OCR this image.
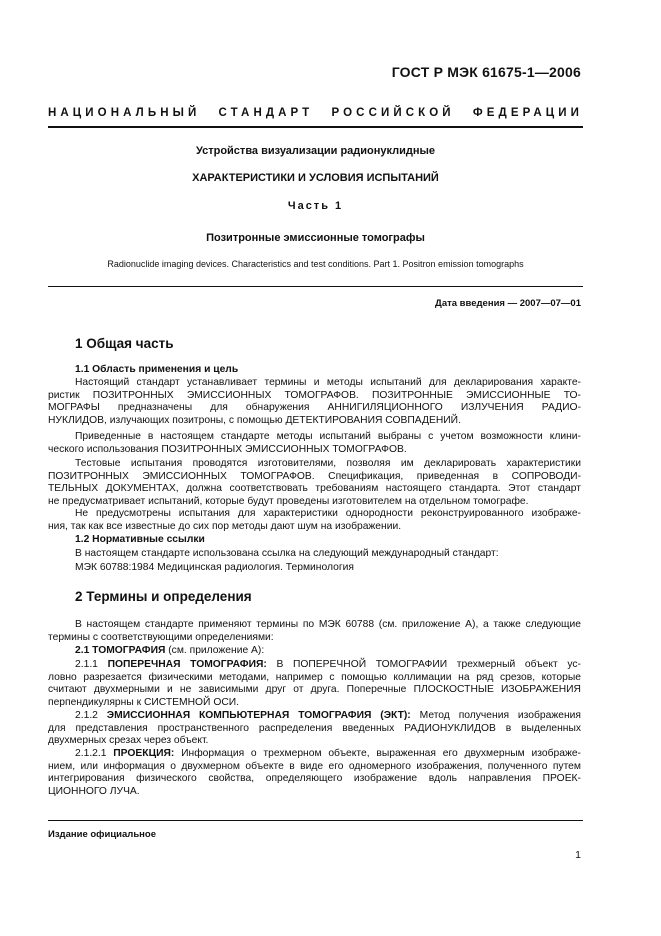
ГОСТ Р МЭК 61675-1—2006
НАЦИОНАЛЬНЫЙ СТАНДАРТ РОССИЙСКОЙ ФЕДЕРАЦИИ
Устройства визуализации радионуклидные
ХАРАКТЕРИСТИКИ И УСЛОВИЯ ИСПЫТАНИЙ
Часть 1
Позитронные эмиссионные томографы
Radionuclide imaging devices. Characteristics and test conditions. Part 1. Positron emission tomographs
Дата введения — 2007—07—01
1 Общая часть
1.1 Область применения и цель
Настоящий стандарт устанавливает термины и методы испытаний для декларирования характе-
ристик ПОЗИТРОННЫХ ЭМИССИОННЫХ ТОМОГРАФОВ. ПОЗИТРОННЫЕ ЭМИССИОННЫЕ ТО-
МОГРАФЫ предназначены для обнаружения АННИГИЛЯЦИОННОГО ИЗЛУЧЕНИЯ РАДИО-
НУКЛИДОВ, излучающих позитроны, с помощью ДЕТЕКТИРОВАНИЯ СОВПАДЕНИЙ.
Приведенные в настоящем стандарте методы испытаний выбраны с учетом возможности клини-
ческого использования ПОЗИТРОННЫХ ЭМИССИОННЫХ ТОМОГРАФОВ.
Тестовые испытания проводятся изготовителями, позволяя им декларировать характеристики
ПОЗИТРОННЫХ ЭМИССИОННЫХ ТОМОГРАФОВ. Спецификация, приведенная в СОПРОВОДИ-
ТЕЛЬНЫХ ДОКУМЕНТАХ, должна соответствовать требованиям настоящего стандарта. Этот стандарт
не предусматривает испытаний, которые будут проведены изготовителем на отдельном томографе.
Не предусмотрены испытания для характеристики однородности реконструированного изображе-
ния, так как все известные до сих пор методы дают шум на изображении.
1.2 Нормативные ссылки
В настоящем стандарте использована ссылка на следующий международный стандарт:
МЭК 60788:1984 Медицинская радиология. Терминология
2 Термины и определения
В настоящем стандарте применяют термины по МЭК 60788 (см. приложение А), а также следующие
термины с соответствующими определениями:
2.1 ТОМОГРАФИЯ (см. приложение А):
2.1.1 ПОПЕРЕЧНАЯ ТОМОГРАФИЯ: В ПОПЕРЕЧНОЙ ТОМОГРАФИИ трехмерный объект ус-
ловно разрезается физическими методами, например с помощью коллимации на ряд срезов, которые
считают двухмерными и не зависимыми друг от друга. Поперечные ПЛОСКОСТНЫЕ ИЗОБРАЖЕНИЯ
перпендикулярны к СИСТЕМНОЙ ОСИ.
2.1.2 ЭМИССИОННАЯ КОМПЬЮТЕРНАЯ ТОМОГРАФИЯ (ЭКТ): Метод получения изображения
для представления пространственного распределения введенных РАДИОНУКЛИДОВ в выделенных
двухмерных срезах через объект.
2.1.2.1 ПРОЕКЦИЯ: Информация о трехмерном объекте, выраженная его двухмерным изображе-
нием, или информация о двухмерном объекте в виде его одномерного изображения, полученного путем
интегрирования физического свойства, определяющего изображение вдоль направления ПРОЕК-
ЦИОННОГО ЛУЧА.
Издание официальное
1
